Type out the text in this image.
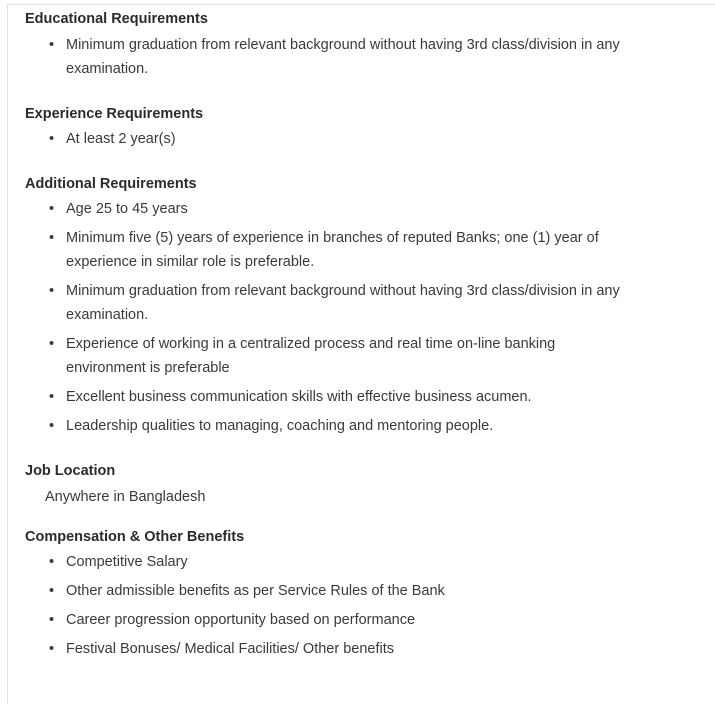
Educational Requirements
• Minimum graduation from relevant background without having 3rd class/division in any examination.

Experience Requirements
• At least 2 year(s)

Additional Requirements
• Age 25 to 45 years

• Minimum five (5) years of experience in branches of reputed Banks; one (1) year of experience in similar role is preferable.

• Minimum graduation from relevant background without having 3rd class/division in any examination.

• Experience of working in a centralized process and real time on-line banking environment is preferable

• Excellent business communication skills with effective business acumen.

• Leadership qualities to managing, coaching and mentoring people.

Job Location

Anywhere in Bangladesh

Compensation & Other Benefits
• Competitive Salary

• Other admissible benefits as per Service Rules of the Bank

• Career progression opportunity based on performance

• Festival Bonuses/ Medical Facilities/ Other benefits
